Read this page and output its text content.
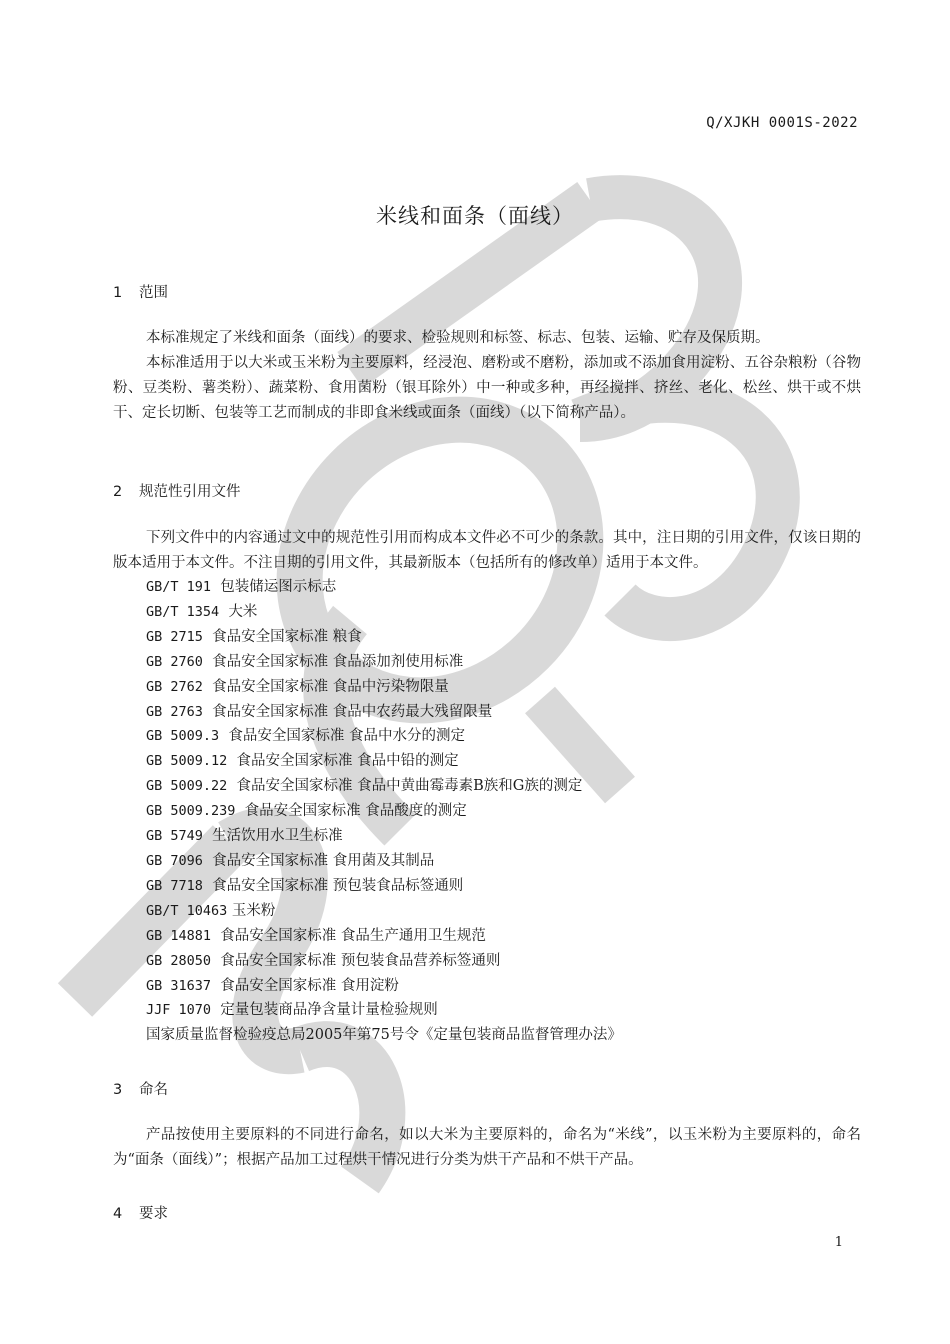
Q/XJKH 0001S-2022
米线和面条（面线）
1 范围

本标准规定了米线和面条（面线）的要求、检验规则和标签、标志、包装、运输、贮存及保质期。

本标准适用于以大米或玉米粉为主要原料，经浸泡、磨粉或不磨粉，添加或不添加食用淀粉、五谷杂粮粉（谷物粉、豆类粉、薯类粉）、蔬菜粉、食用菌粉（银耳除外）中一种或多种，再经搅拌、挤丝、老化、松丝、烘干或不烘干、定长切断、包装等工艺而制成的非即食米线或面条（面线）（以下简称产品）。

2 规范性引用文件

下列文件中的内容通过文中的规范性引用而构成本文件必不可少的条款。其中，注日期的引用文件，仅该日期的版本适用于本文件。不注日期的引用文件，其最新版本（包括所有的修改单）适用于本文件。

GB/T 191  包装储运图示标志
GB/T 1354  大米
GB 2715  食品安全国家标准 粮食
GB 2760  食品安全国家标准 食品添加剂使用标准
GB 2762  食品安全国家标准 食品中污染物限量
GB 2763  食品安全国家标准 食品中农药最大残留限量
GB 5009.3  食品安全国家标准 食品中水分的测定
GB 5009.12  食品安全国家标准 食品中铅的测定
GB 5009.22  食品安全国家标准 食品中黄曲霉毒素B族和G族的测定
GB 5009.239  食品安全国家标准 食品酸度的测定
GB 5749  生活饮用水卫生标准
GB 7096  食品安全国家标准 食用菌及其制品
GB 7718  食品安全国家标准 预包装食品标签通则
GB/T 10463 玉米粉
GB 14881  食品安全国家标准 食品生产通用卫生规范
GB 28050  食品安全国家标准 预包装食品营养标签通则
GB 31637  食品安全国家标准 食用淀粉
JJF 1070  定量包装商品净含量计量检验规则
国家质量监督检验疫总局2005年第75号令《定量包装商品监督管理办法》
3 命名

产品按使用主要原料的不同进行命名，如以大米为主要原料的，命名为“米线”，以玉米粉为主要原料的，命名为“面条（面线）”；根据产品加工过程烘干情况进行分类为烘干产品和不烘干产品。

4 要求
1
